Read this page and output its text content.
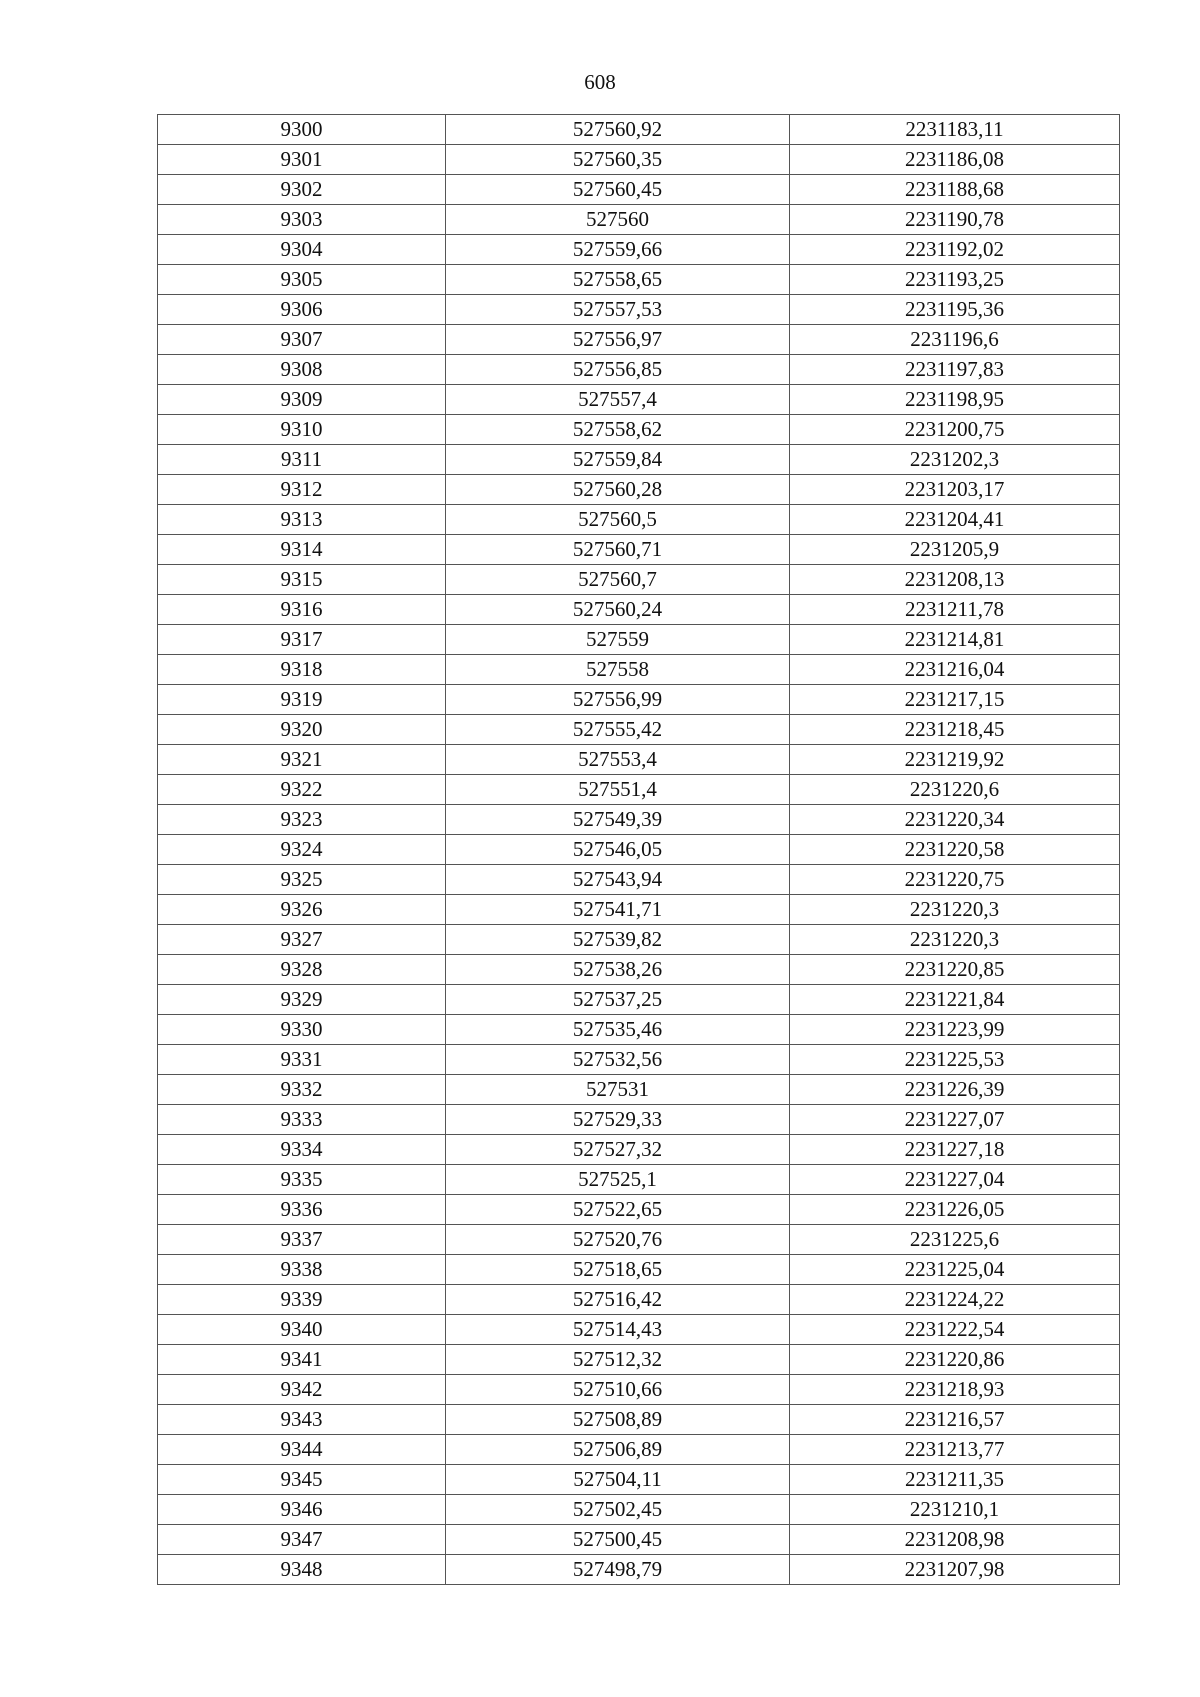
608
9300	527560,92	2231183,11
9301	527560,35	2231186,08
9302	527560,45	2231188,68
9303	527560	2231190,78
9304	527559,66	2231192,02
9305	527558,65	2231193,25
9306	527557,53	2231195,36
9307	527556,97	2231196,6
9308	527556,85	2231197,83
9309	527557,4	2231198,95
9310	527558,62	2231200,75
9311	527559,84	2231202,3
9312	527560,28	2231203,17
9313	527560,5	2231204,41
9314	527560,71	2231205,9
9315	527560,7	2231208,13
9316	527560,24	2231211,78
9317	527559	2231214,81
9318	527558	2231216,04
9319	527556,99	2231217,15
9320	527555,42	2231218,45
9321	527553,4	2231219,92
9322	527551,4	2231220,6
9323	527549,39	2231220,34
9324	527546,05	2231220,58
9325	527543,94	2231220,75
9326	527541,71	2231220,3
9327	527539,82	2231220,3
9328	527538,26	2231220,85
9329	527537,25	2231221,84
9330	527535,46	2231223,99
9331	527532,56	2231225,53
9332	527531	2231226,39
9333	527529,33	2231227,07
9334	527527,32	2231227,18
9335	527525,1	2231227,04
9336	527522,65	2231226,05
9337	527520,76	2231225,6
9338	527518,65	2231225,04
9339	527516,42	2231224,22
9340	527514,43	2231222,54
9341	527512,32	2231220,86
9342	527510,66	2231218,93
9343	527508,89	2231216,57
9344	527506,89	2231213,77
9345	527504,11	2231211,35
9346	527502,45	2231210,1
9347	527500,45	2231208,98
9348	527498,79	2231207,98
